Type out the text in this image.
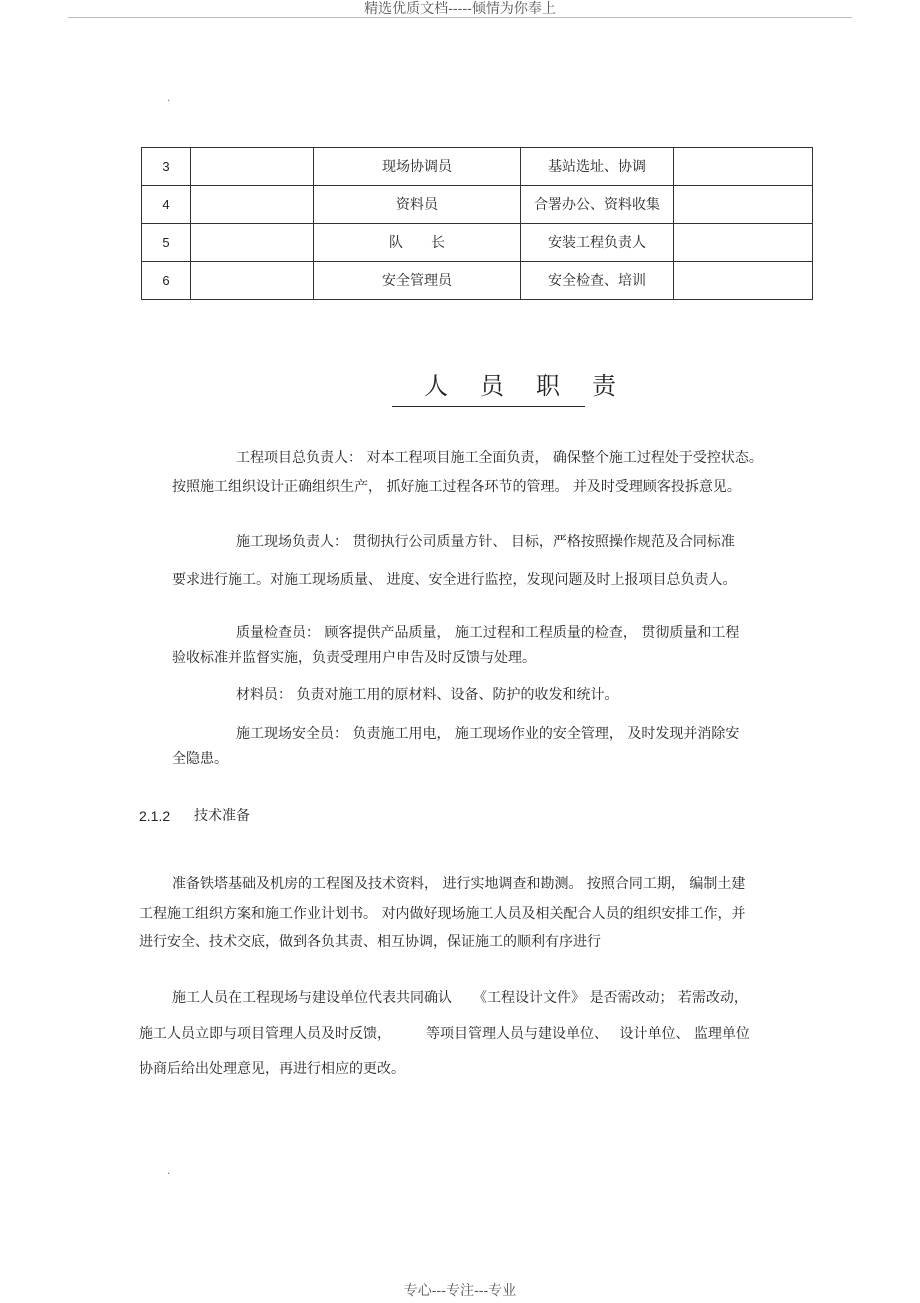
精选优质文档-----倾情为你奉上
.
3		现场协调员	基站选址、协调	
4		资料员	合署办公、资料收集	
5		队　　长	安装工程负责人	
6		安全管理员	安全检查、培训	
人员职责

工程项目总负责人： 对本工程项目施工全面负责， 确保整个施工过程处于受控状态。

按照施工组织设计正确组织生产， 抓好施工过程各环节的管理。 并及时受理顾客投拆意见。

施工现场负责人： 贯彻执行公司质量方针、 目标，严格按照操作规范及合同标准

要求进行施工。对施工现场质量、 进度、安全进行监控，发现问题及时上报项目总负责人。

质量检查员： 顾客提供产品质量， 施工过程和工程质量的检查， 贯彻质量和工程

验收标准并监督实施，负责受理用户申告及时反馈与处理。

材料员： 负责对施工用的原材料、设备、防护的收发和统计。

施工现场安全员： 负责施工用电， 施工现场作业的安全管理， 及时发现并消除安

全隐患。

2.1.2 技术准备

准备铁塔基础及机房的工程图及技术资料， 进行实地调查和勘测。 按照合同工期， 编制土建

工程施工组织方案和施工作业计划书。 对内做好现场施工人员及相关配合人员的组织安排工作，并

进行安全、技术交底，做到各负其责、相互协调，保证施工的顺利有序进行

施工人员在工程现场与建设单位代表共同确认　　《工程设计文件》 是否需改动； 若需改动，

施工人员立即与项目管理人员及时反馈，　　　等项目管理人员与建设单位、　 设计单位、 监理单位

协商后给出处理意见，再进行相应的更改。

.
专心---专注---专业
